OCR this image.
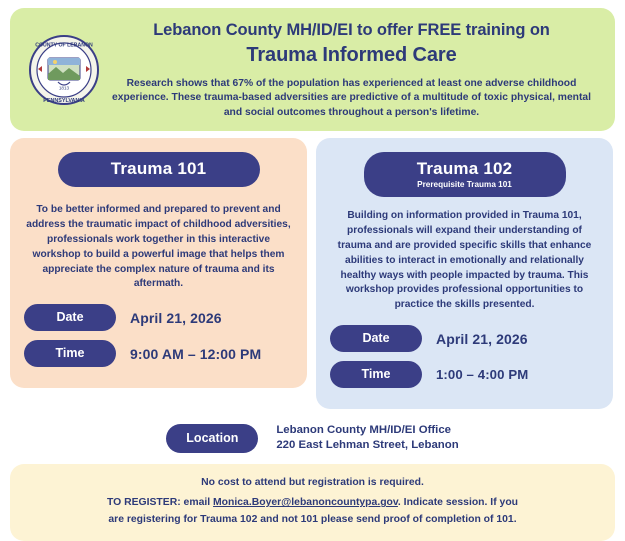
COUNTY OF LEBANON
PENNSYLVANIA
1813
Lebanon County MH/ID/EI to offer FREE training on
Trauma Informed Care
Research shows that 67% of the population has experienced at least one adverse childhood experience. These trauma-based adversities are predictive of a multitude of toxic physical, mental and social outcomes throughout a person's lifetime.
Trauma 101
To be better informed and prepared to prevent and address the traumatic impact of childhood adversities, professionals work together in this interactive workshop to build a powerful image that helps them appreciate the complex nature of trauma and its aftermath.
Date	April 21, 2026
Time	9:00 AM – 12:00 PM
Trauma 102
Prerequisite Trauma 101
Building on information provided in Trauma 101, professionals will expand their understanding of trauma and are provided specific skills that enhance abilities to interact in emotionally and relationally healthy ways with people impacted by trauma. This workshop provides professional opportunities to practice the skills presented.
Date	April 21, 2026
Time	1:00 – 4:00 PM
Location
Lebanon County MH/ID/EI Office
220 East Lehman Street, Lebanon
No cost to attend but registration is required.
TO REGISTER: email Monica.Boyer@lebanoncountypa.gov. Indicate session. If you
are registering for Trauma 102 and not 101 please send proof of completion of 101.
